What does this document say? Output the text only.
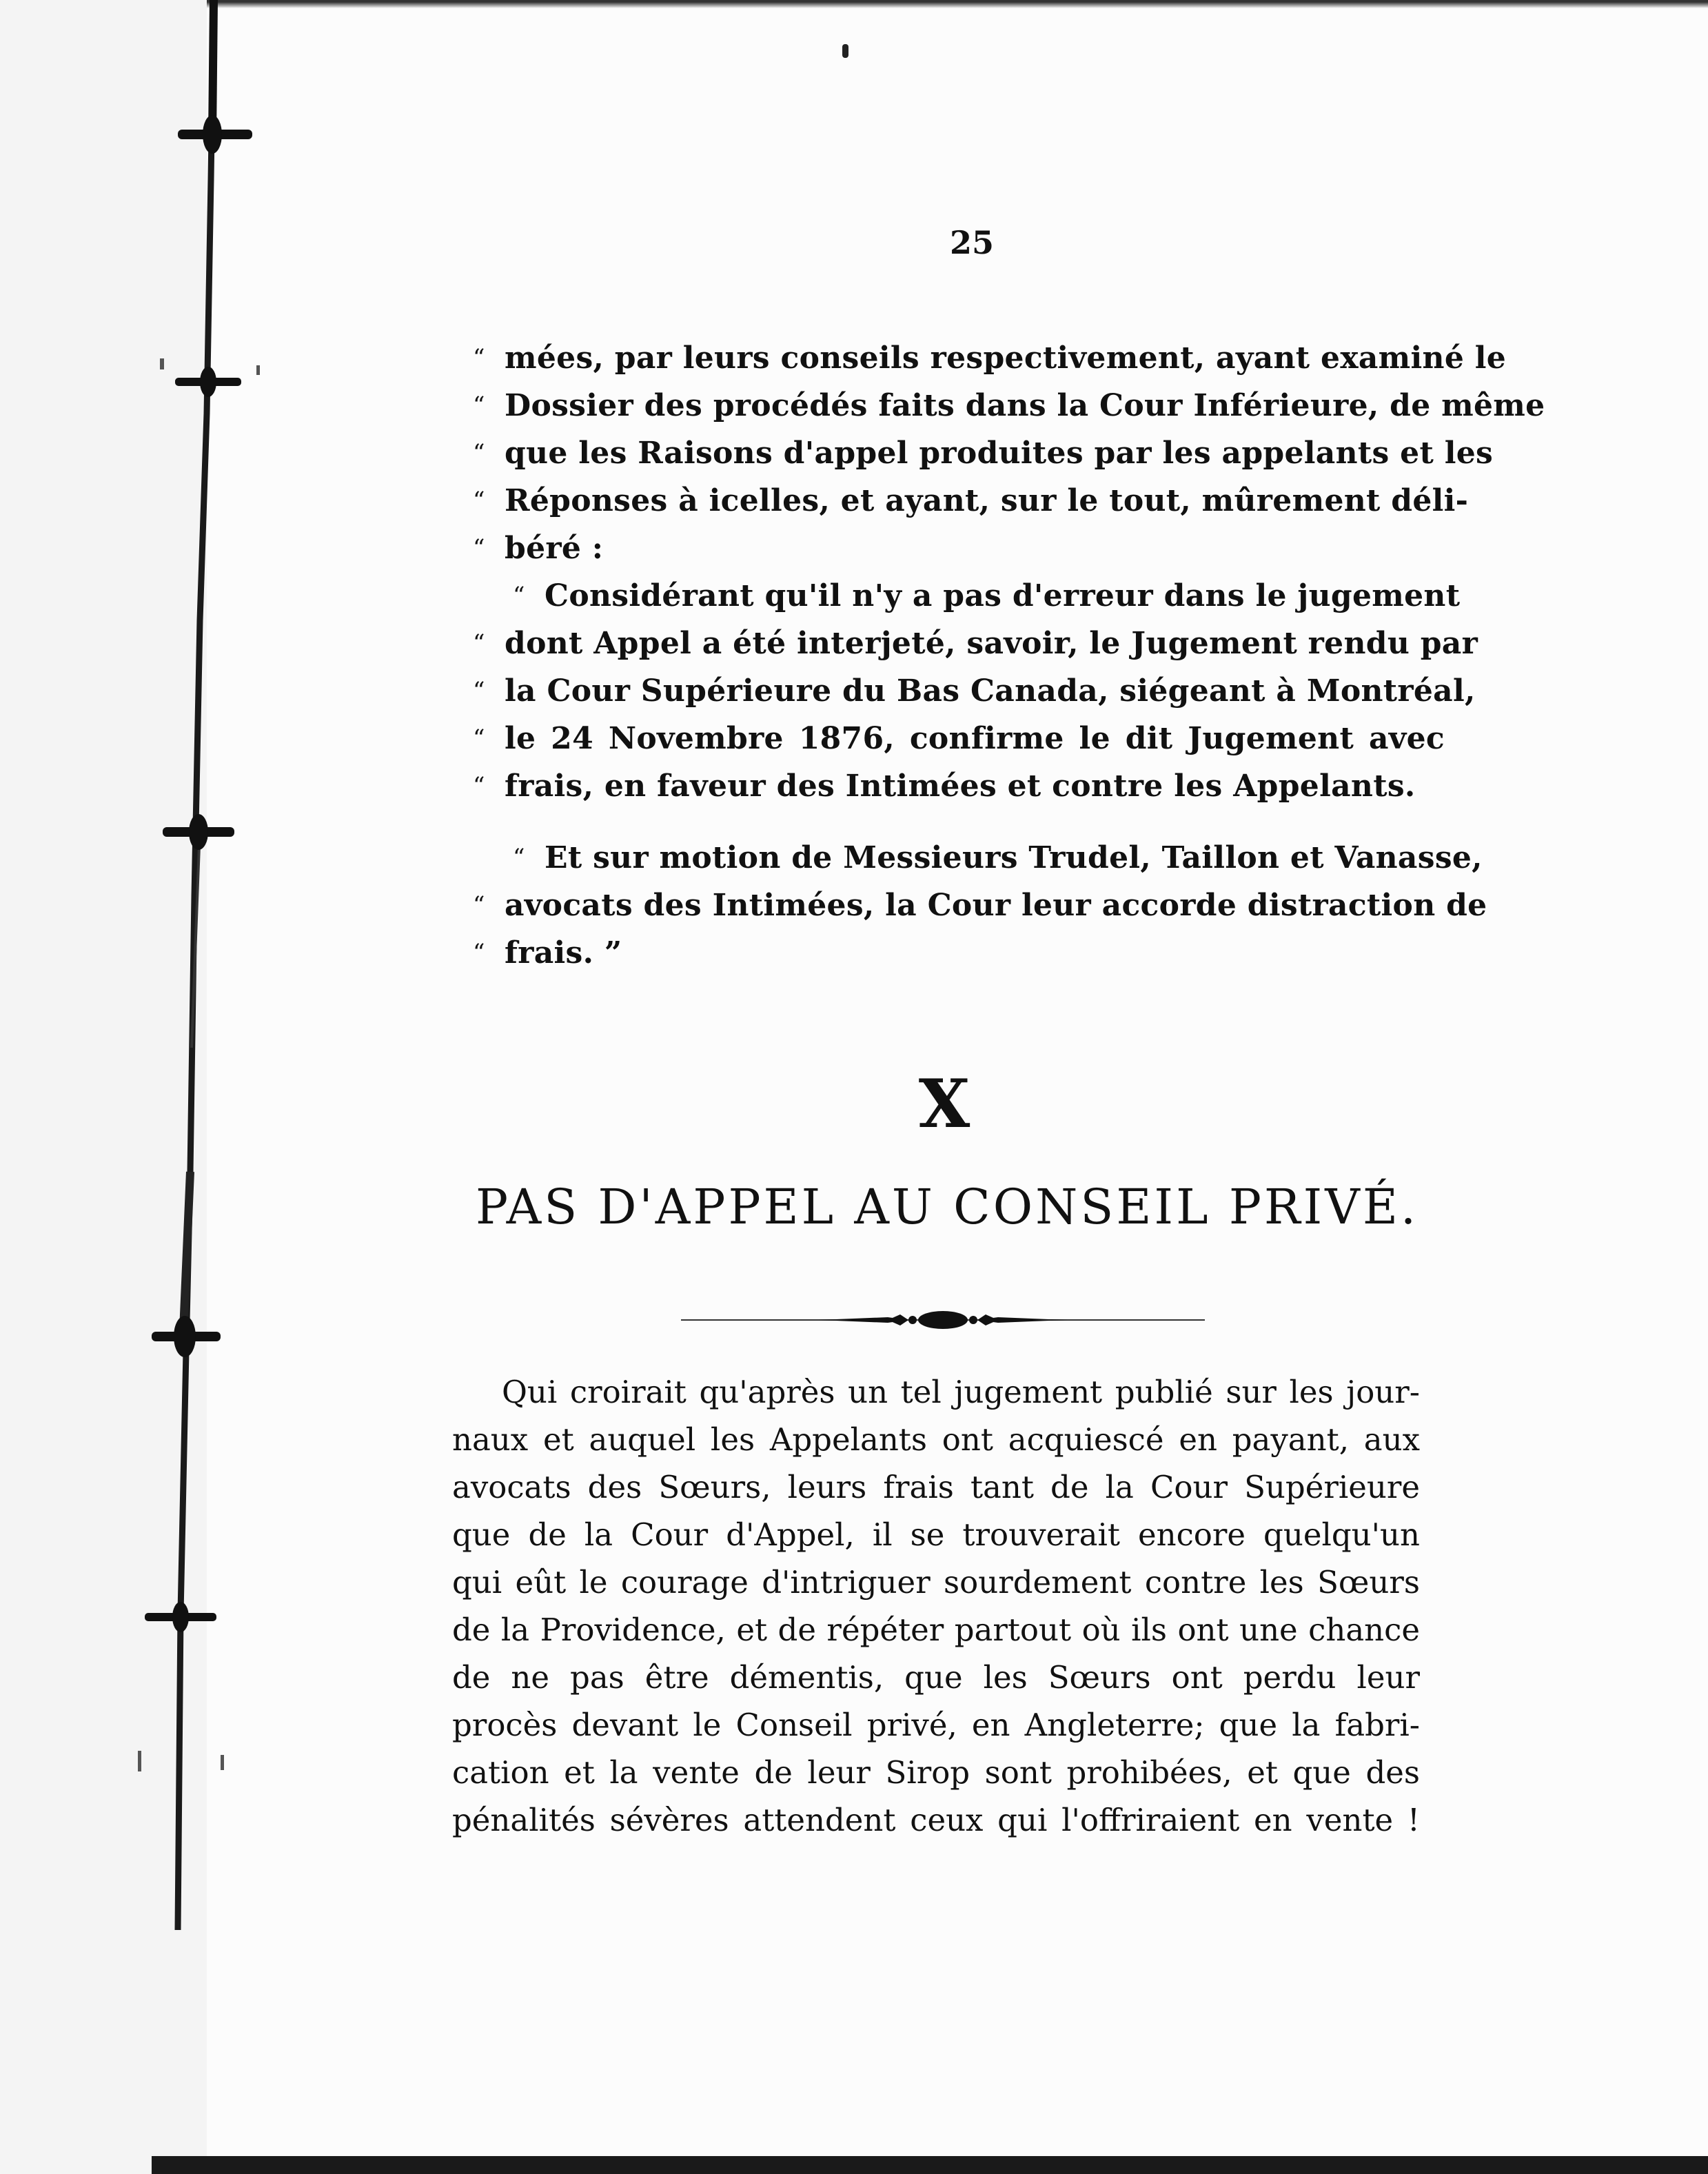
25
“ mées, par leurs conseils respectivement, ayant examiné le
“ Dossier des procédés faits dans la Cour Inférieure, de même
“ que les Raisons d'appel produites par les appelants et les
“ Réponses à icelles, et ayant, sur le tout, mûrement déli-
“ béré :
“ Considérant qu'il n'y a pas d'erreur dans le jugement
“ dont Appel a été interjeté, savoir, le Jugement rendu par
“ la Cour Supérieure du Bas Canada, siégeant à Montréal,
“ le 24 Novembre 1876, confirme le dit Jugement avec
“ frais, en faveur des Intimées et contre les Appelants.
“ Et sur motion de Messieurs Trudel, Taillon et Vanasse,
“ avocats des Intimées, la Cour leur accorde distraction de
“ frais. ”
X
PAS D'APPEL AU CONSEIL PRIVÉ.
Qui croirait qu'après un tel jugement publié sur les jour-
naux et auquel les Appelants ont acquiescé en payant, aux
avocats des Sœurs, leurs frais tant de la Cour Supérieure
que de la Cour d'Appel, il se trouverait encore quelqu'un
qui eût le courage d'intriguer sourdement contre les Sœurs
de la Providence, et de répéter partout où ils ont une chance
de ne pas être démentis, que les Sœurs ont perdu leur
procès devant le Conseil privé, en Angleterre; que la fabri-
cation et la vente de leur Sirop sont prohibées, et que des
pénalités sévères attendent ceux qui l'offriraient en vente !
